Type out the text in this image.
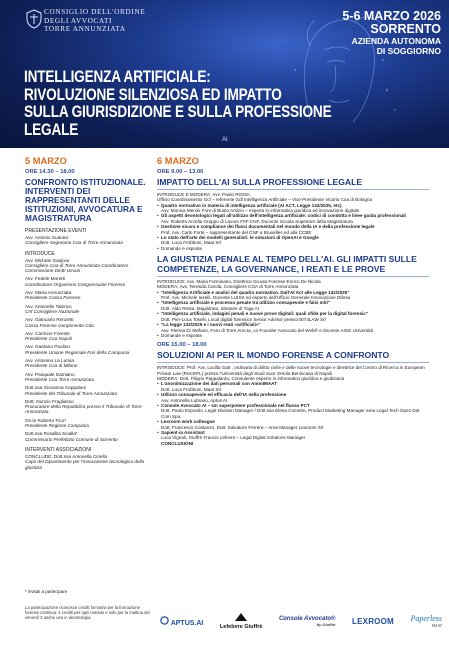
CONSIGLIO DELL'ORDINE
DEGLI AVVOCATI
TORRE ANNUNZIATA
5-6 MARZO 2026
SORRENTO
AZIENDA AUTONOMA
DI SOGGIORNO
INTELLIGENZA ARTIFICIALE:
RIVOLUZIONE SILENZIOSA ED IMPATTO
SULLA GIURISDIZIONE E SULLA PROFESSIONE LEGALE
AI
5 MARZO
ORE 14.30 – 18.00
CONFRONTO ISTITUZIONALE. INTERVENTI DEI RAPPRESENTANTI DELLE ISTITUZIONI, AVVOCATURA E MAGISTRATURA
PRESENTAZIONE EVENTI
Avv. Antonio Suarato
Consigliere Segretario Coa di Torre Annunziata
INTRODUCE
Avv. Michele Ganjixio
Consigliere Coa di Torre Annunziata Coordinatore Commissione Diritti Umani
Avv. Fedele Moretti
Coordinatore Organismo Congressuale Forense
Avv. Maria Annunziata
Presidente Cassa Forense
Avv. Antonello Talerico
Cnf Consigliere Nazionale
Avv. Giancarlo Renzetti
Cassa Forense componente Cda
Avv. Carmine Foreste
Presidente Coa Napoli
Avv. Gaetano Paolino
Presidente Unione Regionale Fori della Campania
Avv. Antonino La Lumia
Presidente Coa di Milano
Avv. Pasquale Damiano
Presidente Coa Torre Annunziata
Dott.ssa Giovanna Ceppaluni
Presidente del Tribunale di Torre Annunziata
Dott. Nunzio Fragliasso
Procuratore della Repubblica presso il Tribunale di Torre Annunziata
On.le Roberto Fico*
Presidente Regione Campania
Dott.ssa Rosalba Scialla*
Commissario Prefettizio Comune di Sorrento
INTERVENTI ASSOCIAZIONI
CONCLUDE: Dott.ssa Antonella Ciriello
Capo del Dipartimento per l'innovazione tecnologica della giustizia
* invitati a partecipare
La partecipazione riconosce crediti formativi per la formazione forense continua: 4 crediti per ogni modulo e solo per la mattina del venerdì 3 anche uno in deontologia.
6 MARZO
ORE 9.00 – 13.00
IMPATTO DELL'AI SULLA PROFESSIONE LEGALE

INTRODUCE E MODERA: Avv. Paolo ROSSI,

Ufficio Coordinamento Ocf – referente Gdl Intelligenza Artificiale – Vice Presidente Vicario Coa di Bologna

• Quadro normativo in materia di intelligenza artificiale (AI ACT, Legge 132/2025, etc)
Avv. Monica Menini Fore di Busto Arsizio – esperta in informatica giuridica ed innovazione digitale
• Gli aspetti deontologici legati all'utilizzo dell'intelligenza artificiale: codici di condotta e linee guida professionali
Avv. Roberto Arcella Gruppo di Lavoro FIIF-CNF, Docente Scuola Superiore della Magistratura
• Gestione sicura e compliance dei flussi documentali nel mondo della IA e della professione legale
Prof. Avv. Carlo Forte – rappresentante del CNF a Bruxelles ed alla CCBE
• Lo stato dell'arte dei modelli generalisti: le soluzioni di OpenAI e Google
Dott. Luca Frobboni, Maat Srl
• Domande e risposte
LA GIUSTIZIA PENALE AL TEMPO DELL'AI. GLI IMPATTI SULLE COMPETENZE, LA GOVERNANCE, I REATI E LE PROVE

INTRODUCE: Avv. Maria Formisano, Direttrice Scuola Forense Enrico De Nicola

MODERA: Avv. Teresida Carola, Consigliere COA di Torre Annunziata

• "Intelligenza Artificiale e analisi del quadro normativo. Dall'AI Act alle Legge 132/2025"
Prof. Avv. Michele Iaselli, Docente LUISS ed esperto dell'Ufficio Generale Innovazione Difesa
• "Intelligenza artificiale e processo penale tra utilizzo consapevole e falsi miti"
Dott. Aldo Resta, Magistrato, Ideatore di Toga AI
• "Intelligenza artificiale, indagini penali e nuove prove digitali: quali sfide per la digital forensic"
Dott. Pier-Luca Toselli, Local digital forensics Senior Advisor presso BIT4LAW Srl
• "La legge 132/2025 e i nuovi reati «artificiali»"
Avv. Pierina Di Stefano, Foro di Torre Ann.ta, co-Founder Avvocato del Web® e docente AIGE Università
• Domande e risposte
ORE 15.00 – 18.00
SOLUZIONI AI PER IL MONDO FORENSE A CONFRONTO

INTRODUCE: Prof. Avv. Lucilla Gatt , ordinaria di diritto civile e delle nuove tecnologie e direttrice del Centro di Ricerca in European Private Law (ReCEPL) presso l'Università degli Studi Suor Orsola Benincasa di Napoli.

MODERA: Dott. Filippo Pappalardo, Consulente esperto in informatica giuridica e giudiziaria

• L'anonimizzazione dei dati personali con AnonIMAAT
Dott. Luca Frobboni, Maat Srl
• Utilizzo consapevole ed efficacia dell'IA nella professione
Avv. Antonella Lubrano, Aptus AI
• Console Avvocato AI – Un superpotere professionale nel flusso PCT
Dott. Paolo Esposito, Legal Division Manager / Dott.ssa Elena Cometto, Product Marketing Manager area Legal Tech Open Dot Com Spa.
• Lexroom work colleague
Dott. Francesco Costanzo, Dott. Salvatore Ferrera – Area Manager Lexroom Srl
• Sapient-ia Assistant
Luca Vignali, Giuffrè Francis Lefevre – Legal Digital Solutions Manager

CONCLUSIONI

APTUS.AI
Lefebvre Giuffrè
Console Avvocato®
by Giuffrè LEXROOM Paperless
MAAT
